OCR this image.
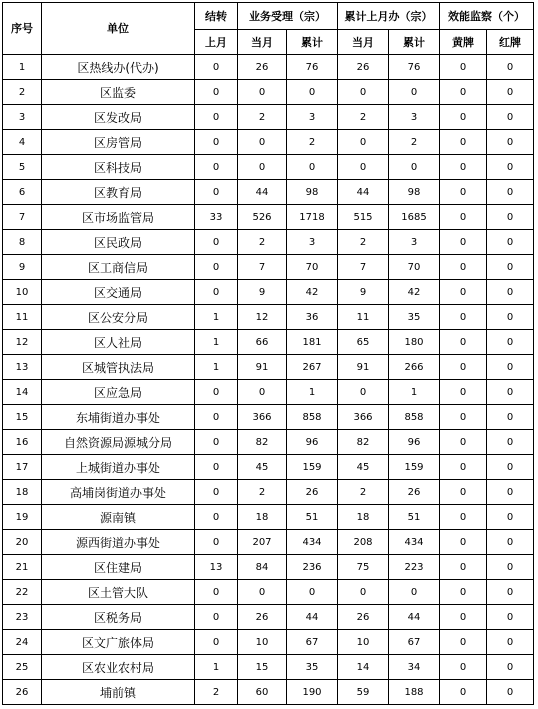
序号	单位	结转	业务受理（宗）		累计上月办（宗）		效能监察（个）	
		上月	当月	累计	当月	累计	黄牌	红牌
1	区热线办(代办)	0	26	76	26	76	0	0
2	区监委	0	0	0	0	0	0	0
3	区发改局	0	2	3	2	3	0	0
4	区房管局	0	0	2	0	2	0	0
5	区科技局	0	0	0	0	0	0	0
6	区教育局	0	44	98	44	98	0	0
7	区市场监管局	33	526	1718	515	1685	0	0
8	区民政局	0	2	3	2	3	0	0
9	区工商信局	0	7	70	7	70	0	0
10	区交通局	0	9	42	9	42	0	0
11	区公安分局	1	12	36	11	35	0	0
12	区人社局	1	66	181	65	180	0	0
13	区城管执法局	1	91	267	91	266	0	0
14	区应急局	0	0	1	0	1	0	0
15	东埔街道办事处	0	366	858	366	858	0	0
16	自然资源局源城分局	0	82	96	82	96	0	0
17	上城街道办事处	0	45	159	45	159	0	0
18	高埔岗街道办事处	0	2	26	2	26	0	0
19	源南镇	0	18	51	18	51	0	0
20	源西街道办事处	0	207	434	208	434	0	0
21	区住建局	13	84	236	75	223	0	0
22	区土管大队	0	0	0	0	0	0	0
23	区税务局	0	26	44	26	44	0	0
24	区文广旅体局	0	10	67	10	67	0	0
25	区农业农村局	1	15	35	14	34	0	0
26	埔前镇	2	60	190	59	188	0	0
